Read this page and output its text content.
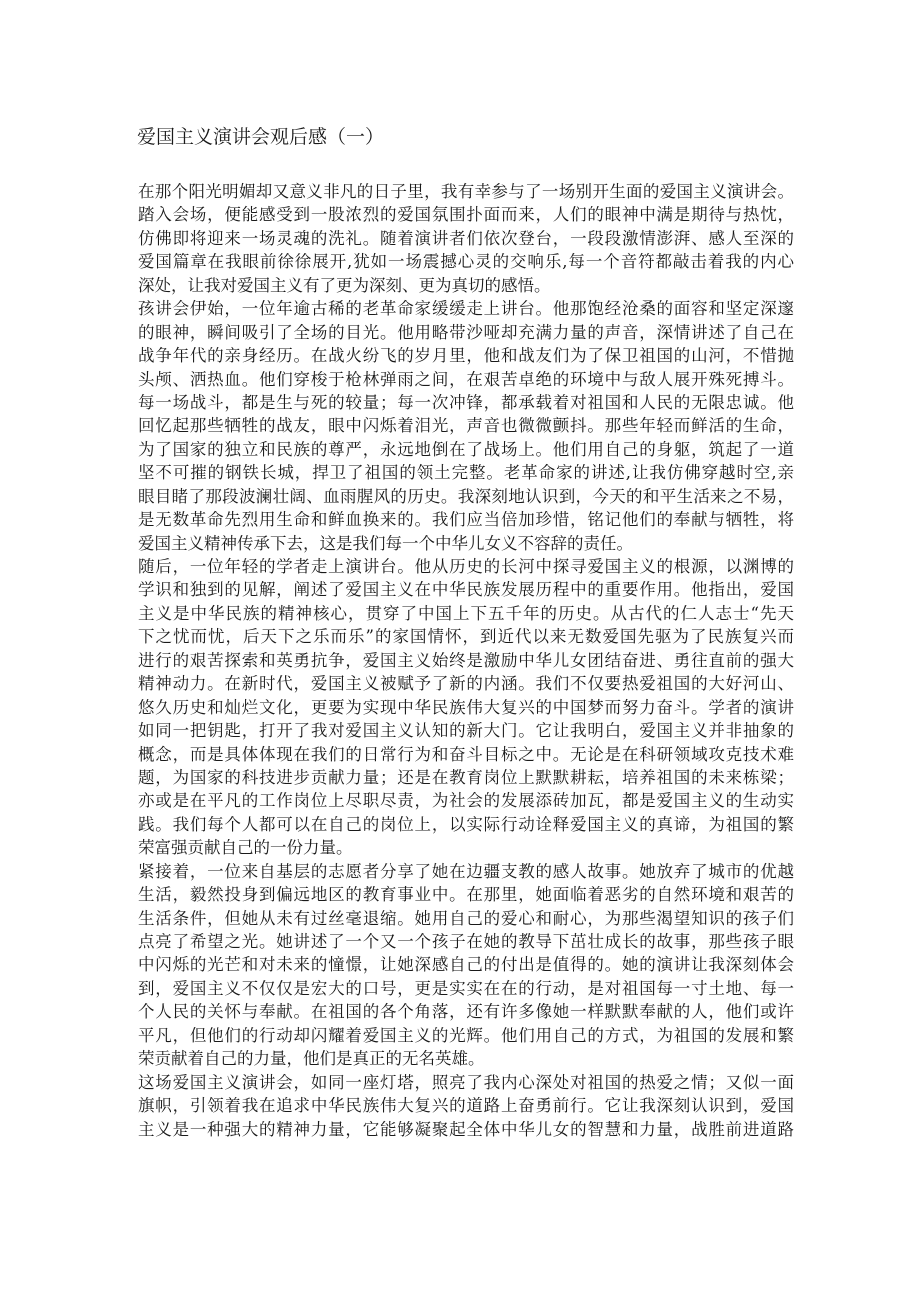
爱国主义演讲会观后感（一）
在那个阳光明媚却又意义非凡的日子里，我有幸参与了一场别开生面的爱国主义演讲会。
踏入会场，便能感受到一股浓烈的爱国氛围扑面而来，人们的眼神中满是期待与热忱，
仿佛即将迎来一场灵魂的洗礼。随着演讲者们依次登台，一段段激情澎湃、感人至深的
爱国篇章在我眼前徐徐展开,犹如一场震撼心灵的交响乐,每一个音符都敲击着我的内心
深处，让我对爱国主义有了更为深刻、更为真切的感悟。
孩讲会伊始，一位年逾古稀的老革命家缓缓走上讲台。他那饱经沧桑的面容和坚定深邃
的眼神，瞬间吸引了全场的目光。他用略带沙哑却充满力量的声音，深情讲述了自己在
战争年代的亲身经历。在战火纷飞的岁月里，他和战友们为了保卫祖国的山河，不惜抛
头颅、洒热血。他们穿梭于枪林弹雨之间，在艰苦卓绝的环境中与敌人展开殊死搏斗。
每一场战斗，都是生与死的较量；每一次冲锋，都承载着对祖国和人民的无限忠诚。他
回忆起那些牺牲的战友，眼中闪烁着泪光，声音也微微颤抖。那些年轻而鲜活的生命，
为了国家的独立和民族的尊严，永远地倒在了战场上。他们用自己的身躯，筑起了一道
坚不可摧的钢铁长城，捍卫了祖国的领土完整。老革命家的讲述,让我仿佛穿越时空,亲
眼目睹了那段波澜壮阔、血雨腥风的历史。我深刻地认识到，今天的和平生活来之不易，
是无数革命先烈用生命和鲜血换来的。我们应当倍加珍惜，铭记他们的奉献与牺牲，将
爱国主义精神传承下去，这是我们每一个中华儿女义不容辞的责任。
随后，一位年轻的学者走上演讲台。他从历史的长河中探寻爱国主义的根源，以渊博的
学识和独到的见解，阐述了爱国主义在中华民族发展历程中的重要作用。他指出，爱国
主义是中华民族的精神核心，贯穿了中国上下五千年的历史。从古代的仁人志士“先天
下之忧而忧，后天下之乐而乐”的家国情怀，到近代以来无数爱国先驱为了民族复兴而
进行的艰苦探索和英勇抗争，爱国主义始终是激励中华儿女团结奋进、勇往直前的强大
精神动力。在新时代，爱国主义被赋予了新的内涵。我们不仅要热爱祖国的大好河山、
悠久历史和灿烂文化，更要为实现中华民族伟大复兴的中国梦而努力奋斗。学者的演讲
如同一把钥匙，打开了我对爱国主义认知的新大门。它让我明白，爱国主义并非抽象的
概念，而是具体体现在我们的日常行为和奋斗目标之中。无论是在科研领域攻克技术难
题，为国家的科技进步贡献力量；还是在教育岗位上默默耕耘，培养祖国的未来栋梁；
亦或是在平凡的工作岗位上尽职尽责，为社会的发展添砖加瓦，都是爱国主义的生动实
践。我们每个人都可以在自己的岗位上，以实际行动诠释爱国主义的真谛，为祖国的繁
荣富强贡献自己的一份力量。
紧接着，一位来自基层的志愿者分享了她在边疆支教的感人故事。她放弃了城市的优越
生活，毅然投身到偏远地区的教育事业中。在那里，她面临着恶劣的自然环境和艰苦的
生活条件，但她从未有过丝毫退缩。她用自己的爱心和耐心，为那些渴望知识的孩子们
点亮了希望之光。她讲述了一个又一个孩子在她的教导下茁壮成长的故事，那些孩子眼
中闪烁的光芒和对未来的憧憬，让她深感自己的付出是值得的。她的演讲让我深刻体会
到，爱国主义不仅仅是宏大的口号，更是实实在在的行动，是对祖国每一寸土地、每一
个人民的关怀与奉献。在祖国的各个角落，还有许多像她一样默默奉献的人，他们或许
平凡，但他们的行动却闪耀着爱国主义的光辉。他们用自己的方式，为祖国的发展和繁
荣贡献着自己的力量，他们是真正的无名英雄。
这场爱国主义演讲会，如同一座灯塔，照亮了我内心深处对祖国的热爱之情；又似一面
旗帜，引领着我在追求中华民族伟大复兴的道路上奋勇前行。它让我深刻认识到，爱国
主义是一种强大的精神力量，它能够凝聚起全体中华儿女的智慧和力量，战胜前进道路
